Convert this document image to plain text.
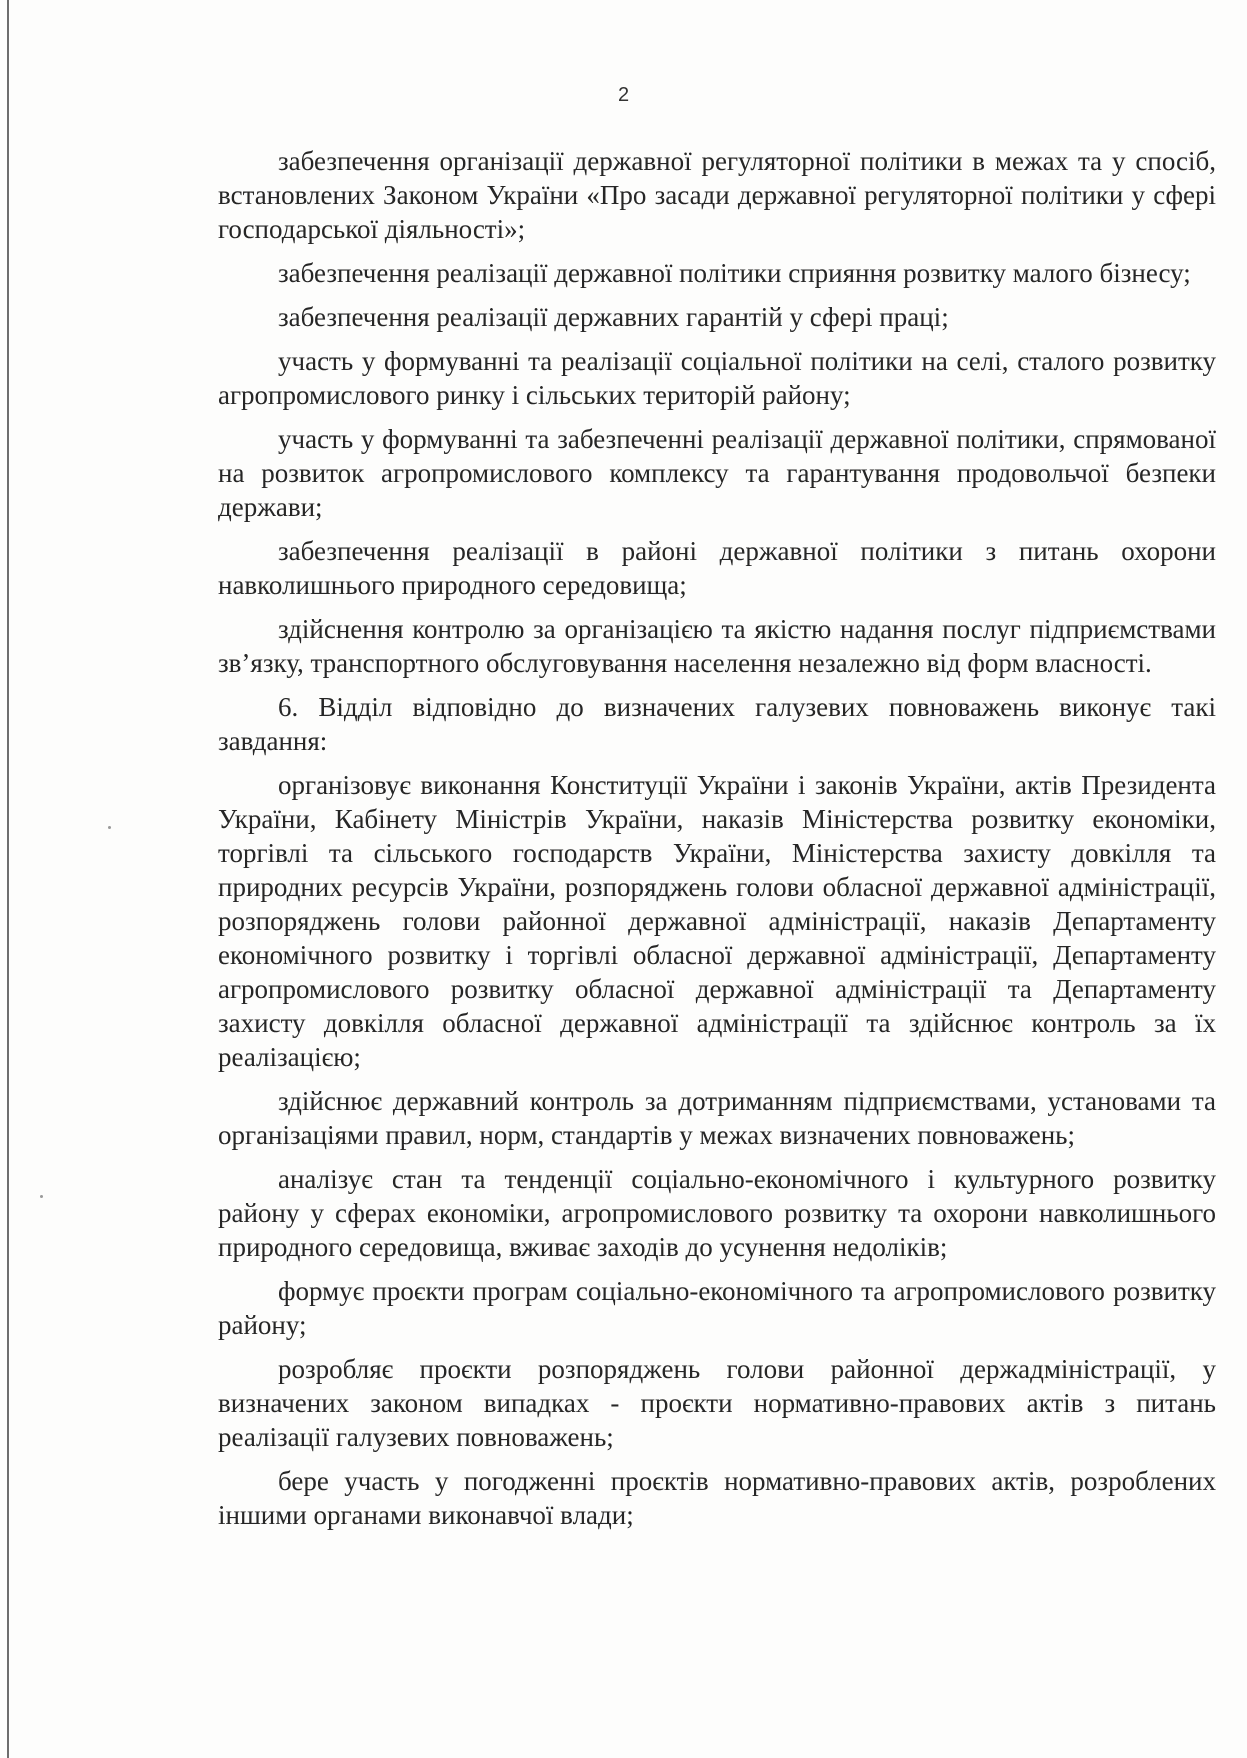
2

забезпечення організації державної регуляторної політики в межах та у спосіб, встановлених Законом України «Про засади державної регуляторної політики у сфері господарської діяльності»;

забезпечення реалізації державної політики сприяння розвитку малого бізнесу;

забезпечення реалізації державних гарантій у сфері праці;

участь у формуванні та реалізації соціальної політики на селі, сталого розвитку агропромислового ринку і сільських територій району;

участь у формуванні та забезпеченні реалізації державної політики, спрямованої на розвиток агропромислового комплексу та гарантування продовольчої безпеки держави;

забезпечення реалізації в районі державної політики з питань охорони навколишнього природного середовища;

здійснення контролю за організацією та якістю надання послуг підприємствами зв’язку, транспортного обслуговування населення незалежно від форм власності.

6. Відділ відповідно до визначених галузевих повноважень виконує такі завдання:

організовує виконання Конституції України і законів України, актів Президента України, Кабінету Міністрів України, наказів Міністерства розвитку економіки, торгівлі та сільського господарств України, Міністерства захисту довкілля та природних ресурсів України, розпоряджень голови обласної державної адміністрації, розпоряджень голови районної державної адміністрації, наказів Департаменту економічного розвитку і торгівлі обласної державної адміністрації, Департаменту агропромислового розвитку обласної державної адміністрації та Департаменту захисту довкілля обласної державної адміністрації та здійснює контроль за їх реалізацією;

здійснює державний контроль за дотриманням підприємствами, установами та організаціями правил, норм, стандартів у межах визначених повноважень;

аналізує стан та тенденції соціально-економічного і культурного розвитку району у сферах економіки, агропромислового розвитку та охорони навколишнього природного середовища, вживає заходів до усунення недоліків;

формує проєкти програм соціально-економічного та агропромислового розвитку району;

розробляє проєкти розпоряджень голови районної держадміністрації, у визначених законом випадках - проєкти нормативно-правових актів з питань реалізації галузевих повноважень;

бере участь у погодженні проєктів нормативно-правових актів, розроблених іншими органами виконавчої влади;
